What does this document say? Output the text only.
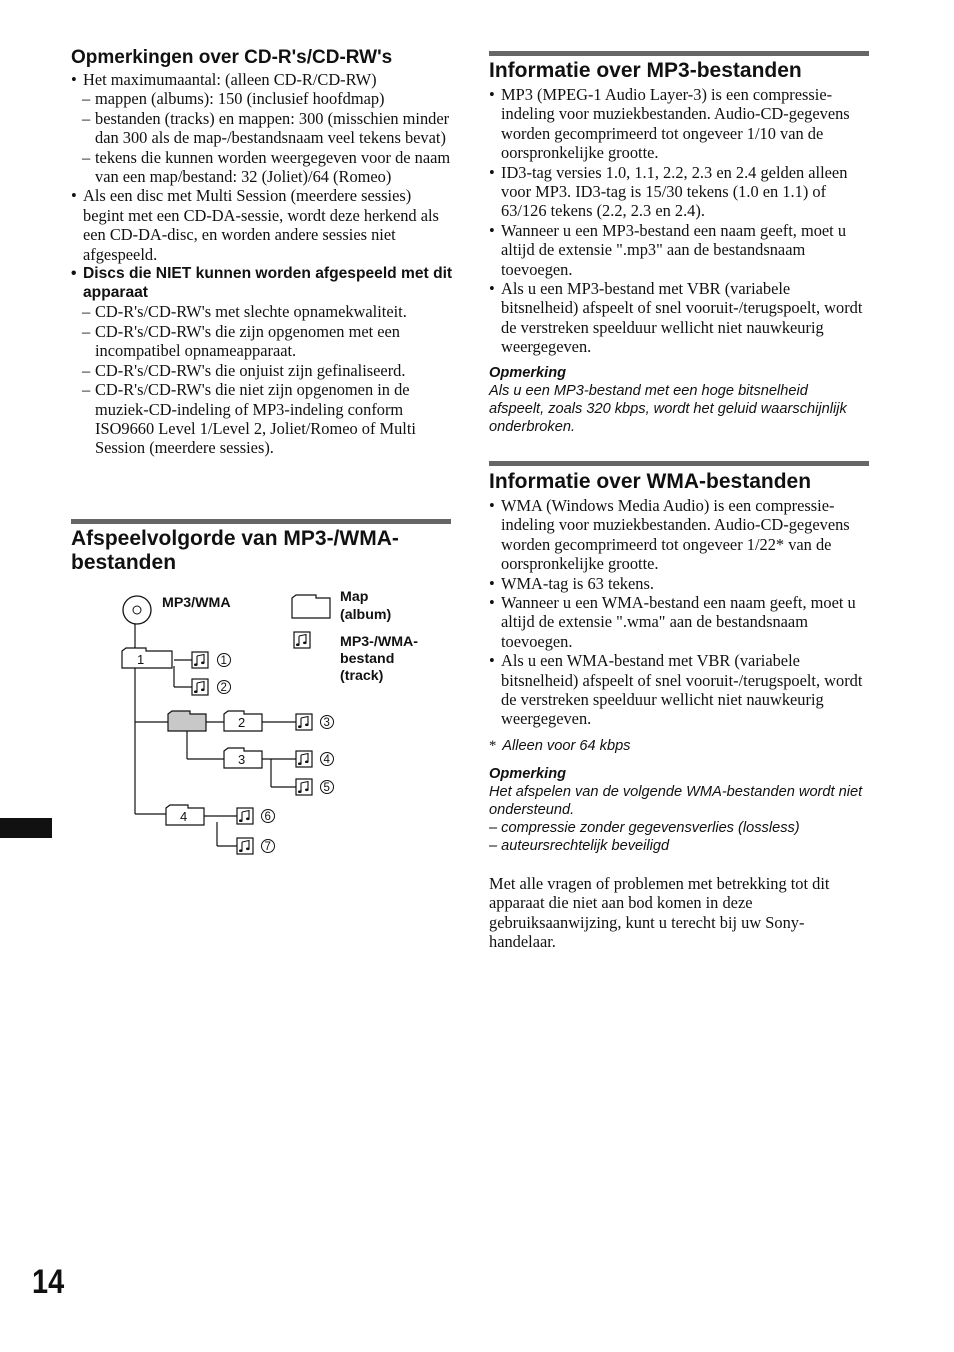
Opmerkingen over CD-R's/CD-RW's
• Het maximumaantal: (alleen CD-R/CD-RW)
– mappen (albums): 150 (inclusief hoofdmap)
– bestanden (tracks) en mappen: 300 (misschien minder dan 300 als de map-/bestandsnaam veel tekens bevat)
– tekens die kunnen worden weergegeven voor de naam van een map/bestand: 32 (Joliet)/64 (Romeo)
• Als een disc met Multi Session (meerdere sessies) begint met een CD-DA-sessie, wordt deze herkend als een CD-DA-disc, en worden andere sessies niet afgespeeld.
• Discs die NIET kunnen worden afgespeeld met dit apparaat
– CD-R's/CD-RW's met slechte opnamekwaliteit.
– CD-R's/CD-RW's die zijn opgenomen met een incompatibel opnameapparaat.
– CD-R's/CD-RW's die onjuist zijn gefinaliseerd.
– CD-R's/CD-RW's die niet zijn opgenomen in de muziek-CD-indeling of MP3-indeling conform ISO9660 Level 1/Level 2, Joliet/Romeo of Multi Session (meerdere sessies).
Afspeelvolgorde van MP3-/WMA-
bestanden
MP3/WMA
1
2
3
4
1
2
3
4
5
6
7
Map
(album)
MP3-/WMA-
bestand
(track)
Informatie over MP3-bestanden
• MP3 (MPEG-1 Audio Layer-3) is een compressie-indeling voor muziekbestanden. Audio-CD-gegevens worden gecomprimeerd tot ongeveer 1/10 van de oorspronkelijke grootte.
• ID3-tag versies 1.0, 1.1, 2.2, 2.3 en 2.4 gelden alleen voor MP3. ID3-tag is 15/30 tekens (1.0 en 1.1) of 63/126 tekens (2.2, 2.3 en 2.4).
• Wanneer u een MP3-bestand een naam geeft, moet u altijd de extensie ".mp3" aan de bestandsnaam toevoegen.
• Als u een MP3-bestand met VBR (variabele bitsnelheid) afspeelt of snel vooruit-/terugspoelt, wordt de verstreken speelduur wellicht niet nauwkeurig weergegeven.
Opmerking
Als u een MP3-bestand met een hoge bitsnelheid afspeelt, zoals 320 kbps, wordt het geluid waarschijnlijk onderbroken.
Informatie over WMA-bestanden
• WMA (Windows Media Audio) is een compressie-indeling voor muziekbestanden. Audio-CD-gegevens worden gecomprimeerd tot ongeveer 1/22* van de oorspronkelijke grootte.
• WMA-tag is 63 tekens.
• Wanneer u een WMA-bestand een naam geeft, moet u altijd de extensie ".wma" aan de bestandsnaam toevoegen.
• Als u een WMA-bestand met VBR (variabele bitsnelheid) afspeelt of snel vooruit-/terugspoelt, wordt de verstreken speelduur wellicht niet nauwkeurig weergegeven.
* Alleen voor 64 kbps
Opmerking
Het afspelen van de volgende WMA-bestanden wordt niet ondersteund.
– compressie zonder gegevensverlies (lossless)
– auteursrechtelijk beveiligd

Met alle vragen of problemen met betrekking tot dit apparaat die niet aan bod komen in deze gebruiksaanwijzing, kunt u terecht bij uw Sony-handelaar.

14
